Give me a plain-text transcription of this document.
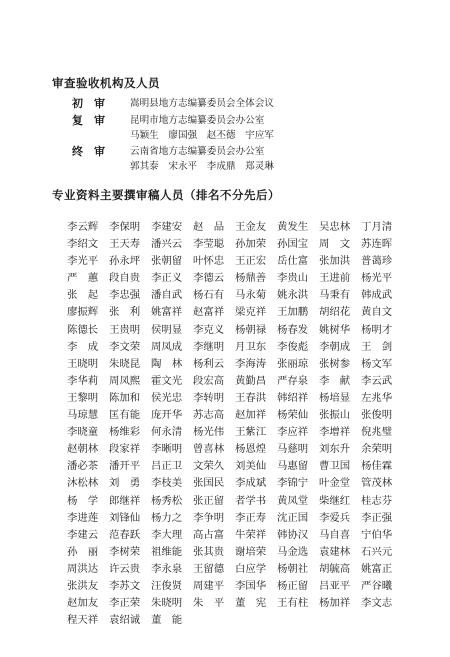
审查验收机构及人员
初　审	嵩明县地方志编纂委员会全体会议
复　审	昆明市地方志编纂委员会办公室
马颖生　廖国强　赵丕德　宇应军
终　审	云南省地方志编纂委员会办公室
郭其泰　宋永平　李成鼎　郑灵琳
专业资料主要撰审稿人员（排名不分先后）
李云辉	李保明	李建安	赵　品	王金友	黄发生	吴忠林	丁月清
李绍文	王天寿	潘兴云	李莹聪	孙加荣	孙国宝	周　文	苏连晖
李光平	孙永坪	张朝留	叶怀忠	王正宏	岳仕富	张加洪	普蔼珍
严　蕙	段自贵	李正义	李德云	杨鼎善	李贵山	王进前	杨光平
张　起	李忠强	潘自武	杨石有	马永菊	姚永洪	马秉有	韩成武
廖振辉	张　利	姚富祥	赵富祥	梁克祥	王加鹏	胡绍花	黄自文
陈德长	王贵明	侯明显	李克义	杨朝禄	杨春发	姚树华	杨明才
李　成	李文荣	周凤成	李继明	月卫东	李俊彪	李朝成	王　剑
王晓明	朱晓昆	陶　林	杨利云	李海涛	张丽琼	张树参	杨文军
李华莉	周凤熙	霍文光	段宏高	黄勤昌	严存泉	李　献	李云武
王黎明	陈加和	侯光忠	李转明	王春洪	韩绍祥	杨培显	左兆华
马琼慧	匡有能	庞开华	苏志高	赵加祥	杨荣仙	张振山	张俊明
李晓童	杨维彩	何永清	杨光伟	王紫江	李应祥	李增祥	倪兆璧
赵朝林	段家祥	李晰明	曾喜林	杨恩煌	马慈明	刘东升	余荣明
潘必茶	潘开平	吕正卫	文荣久	刘美仙	马惠留	曹卫国	杨佳霖
沐松林	刘　勇	李枝美	张国民	李成斌	李锦宁	叶金堂	管茂林
杨　学	郎继祥	杨秀松	张正留	者学书	黄凤堂	柴继红	桂志芬
李进莲	刘锋仙	杨力之	李争明	李正寿	沈正国	李爱兵	李正强
李建云	范春跃	李大理	高占富	牛荣祥	韩协汉	马自喜	宁伯华
孙　丽	李树荣	祖维能	张其贵	谢培荣	马金选	袁建林	石兴元
周洪达	许云贵	李永泉	王留德	白应学	杨朝社	胡毓高	姚富正
张洪友	李苏文	汪俊贤	周建平	李国华	杨正留	吕亚平	严谷曦
赵加友	李正荣	朱晓明	朱　平	董　宪	王有柱	杨加祥	李文志
程天祥	袁绍诚	董　能
